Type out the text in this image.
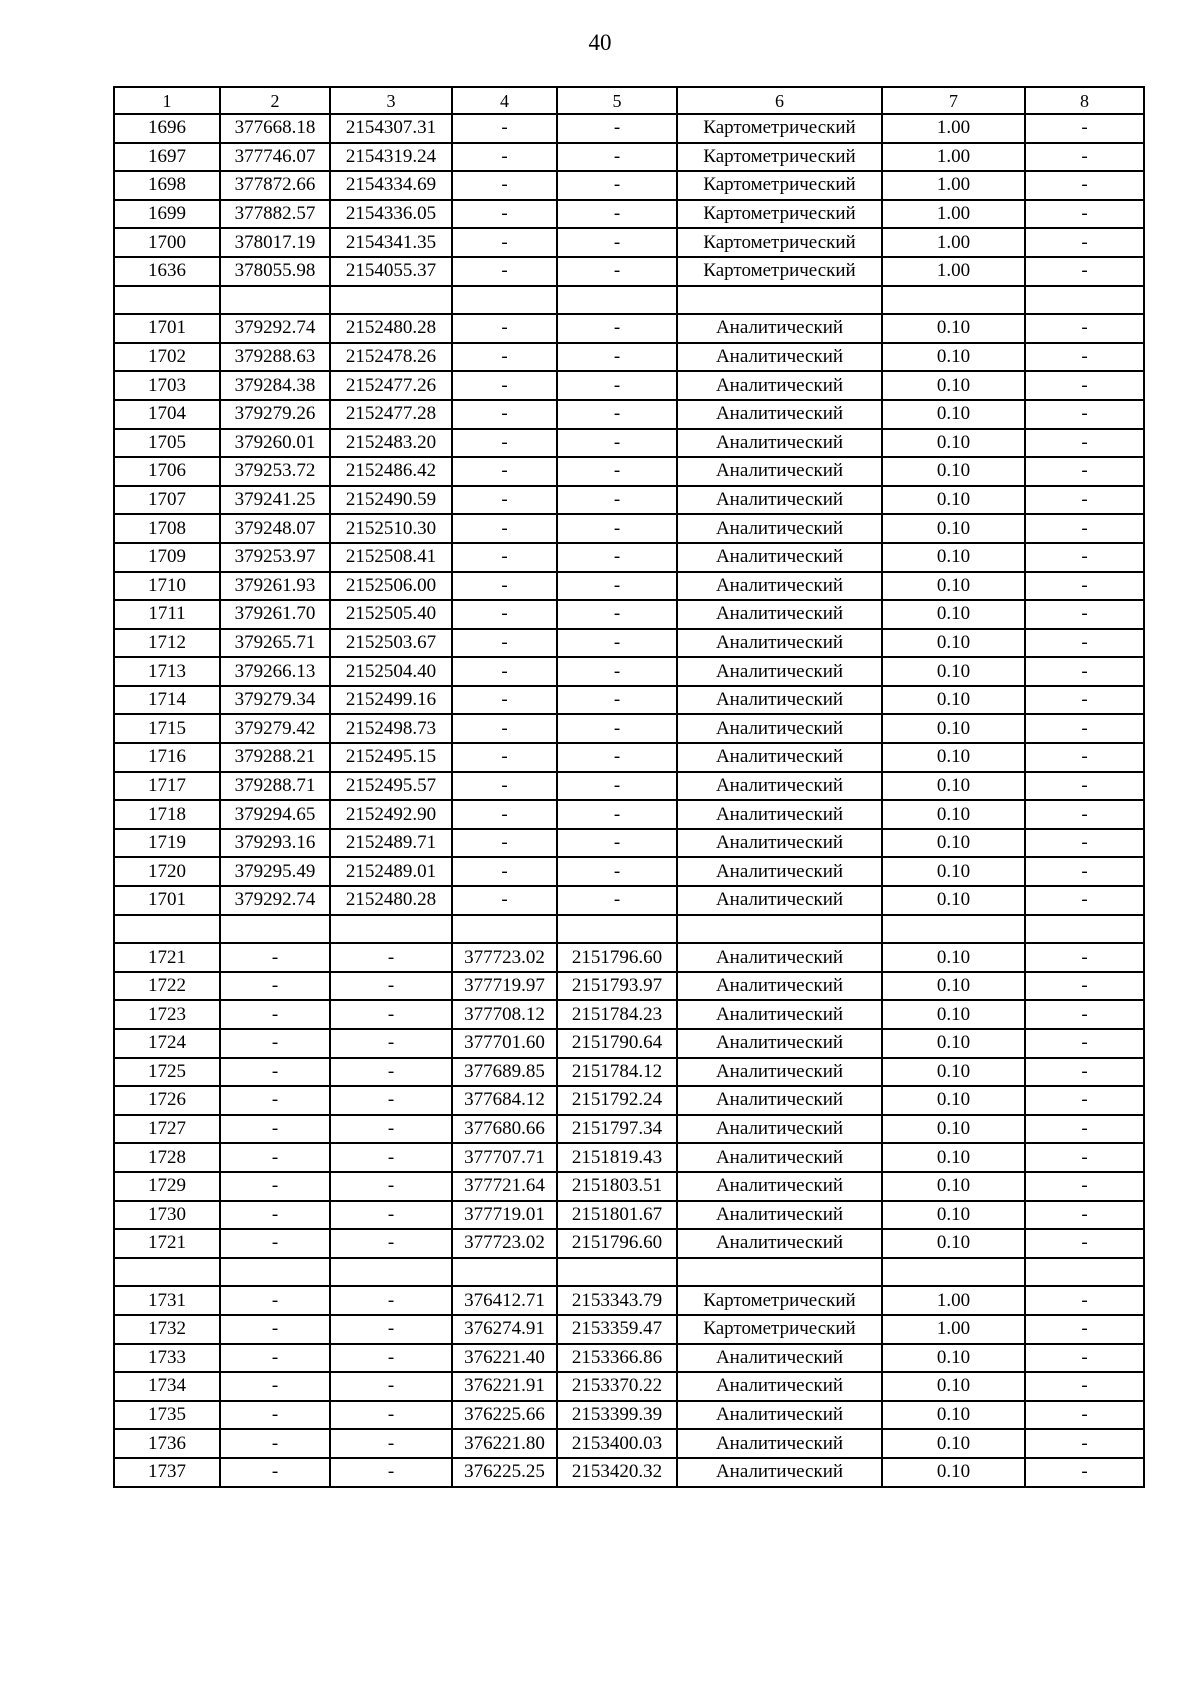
40
1	2	3	4	5	6	7	8
1696	377668.18	2154307.31	-	-	Картометрический	1.00	-
1697	377746.07	2154319.24	-	-	Картометрический	1.00	-
1698	377872.66	2154334.69	-	-	Картометрический	1.00	-
1699	377882.57	2154336.05	-	-	Картометрический	1.00	-
1700	378017.19	2154341.35	-	-	Картометрический	1.00	-
1636	378055.98	2154055.37	-	-	Картометрический	1.00	-

1701	379292.74	2152480.28	-	-	Аналитический	0.10	-
1702	379288.63	2152478.26	-	-	Аналитический	0.10	-
1703	379284.38	2152477.26	-	-	Аналитический	0.10	-
1704	379279.26	2152477.28	-	-	Аналитический	0.10	-
1705	379260.01	2152483.20	-	-	Аналитический	0.10	-
1706	379253.72	2152486.42	-	-	Аналитический	0.10	-
1707	379241.25	2152490.59	-	-	Аналитический	0.10	-
1708	379248.07	2152510.30	-	-	Аналитический	0.10	-
1709	379253.97	2152508.41	-	-	Аналитический	0.10	-
1710	379261.93	2152506.00	-	-	Аналитический	0.10	-
1711	379261.70	2152505.40	-	-	Аналитический	0.10	-
1712	379265.71	2152503.67	-	-	Аналитический	0.10	-
1713	379266.13	2152504.40	-	-	Аналитический	0.10	-
1714	379279.34	2152499.16	-	-	Аналитический	0.10	-
1715	379279.42	2152498.73	-	-	Аналитический	0.10	-
1716	379288.21	2152495.15	-	-	Аналитический	0.10	-
1717	379288.71	2152495.57	-	-	Аналитический	0.10	-
1718	379294.65	2152492.90	-	-	Аналитический	0.10	-
1719	379293.16	2152489.71	-	-	Аналитический	0.10	-
1720	379295.49	2152489.01	-	-	Аналитический	0.10	-
1701	379292.74	2152480.28	-	-	Аналитический	0.10	-

1721	-	-	377723.02	2151796.60	Аналитический	0.10	-
1722	-	-	377719.97	2151793.97	Аналитический	0.10	-
1723	-	-	377708.12	2151784.23	Аналитический	0.10	-
1724	-	-	377701.60	2151790.64	Аналитический	0.10	-
1725	-	-	377689.85	2151784.12	Аналитический	0.10	-
1726	-	-	377684.12	2151792.24	Аналитический	0.10	-
1727	-	-	377680.66	2151797.34	Аналитический	0.10	-
1728	-	-	377707.71	2151819.43	Аналитический	0.10	-
1729	-	-	377721.64	2151803.51	Аналитический	0.10	-
1730	-	-	377719.01	2151801.67	Аналитический	0.10	-
1721	-	-	377723.02	2151796.60	Аналитический	0.10	-

1731	-	-	376412.71	2153343.79	Картометрический	1.00	-
1732	-	-	376274.91	2153359.47	Картометрический	1.00	-
1733	-	-	376221.40	2153366.86	Аналитический	0.10	-
1734	-	-	376221.91	2153370.22	Аналитический	0.10	-
1735	-	-	376225.66	2153399.39	Аналитический	0.10	-
1736	-	-	376221.80	2153400.03	Аналитический	0.10	-
1737	-	-	376225.25	2153420.32	Аналитический	0.10	-
